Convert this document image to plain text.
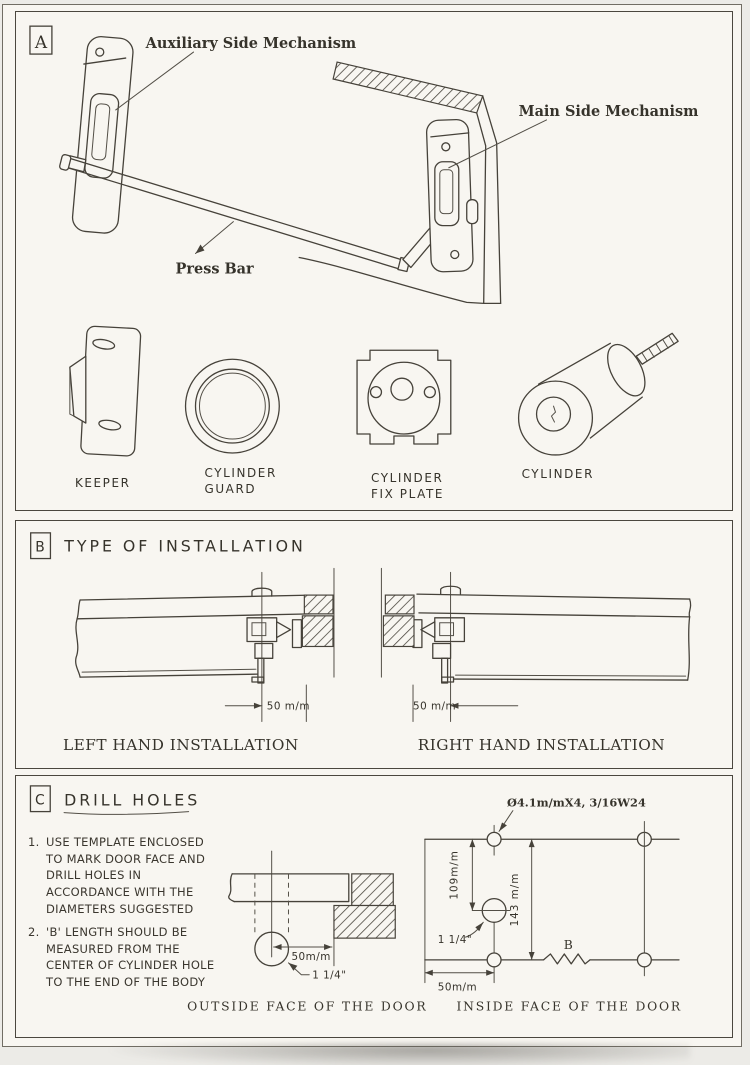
A	Auxiliary Side Mechanism
Main Side Mechanism
Press Bar
KEEPER
CYLINDER
GUARD
CYLINDER
FIX PLATE
CYLINDER
B TYPE OF INSTALLATION
50 m/m	50 m/m
LEFT HAND INSTALLATION	RIGHT HAND INSTALLATION
C DRILL HOLES
50m/m
1 1/4"
Ø4.1m/mX4, 3/16W24
109m/m	143 m/m
1 1/4"	B
50m/m
OUTSIDE FACE OF THE DOOR INSIDE FACE OF THE DOOR
1. USE TEMPLATE ENCLOSED TO MARK DOOR FACE AND DRILL HOLES IN ACCORDANCE WITH THE DIAMETERS SUGGESTED
2. 'B' LENGTH SHOULD BE MEASURED FROM THE CENTER OF CYLINDER HOLE TO THE END OF THE BODY
